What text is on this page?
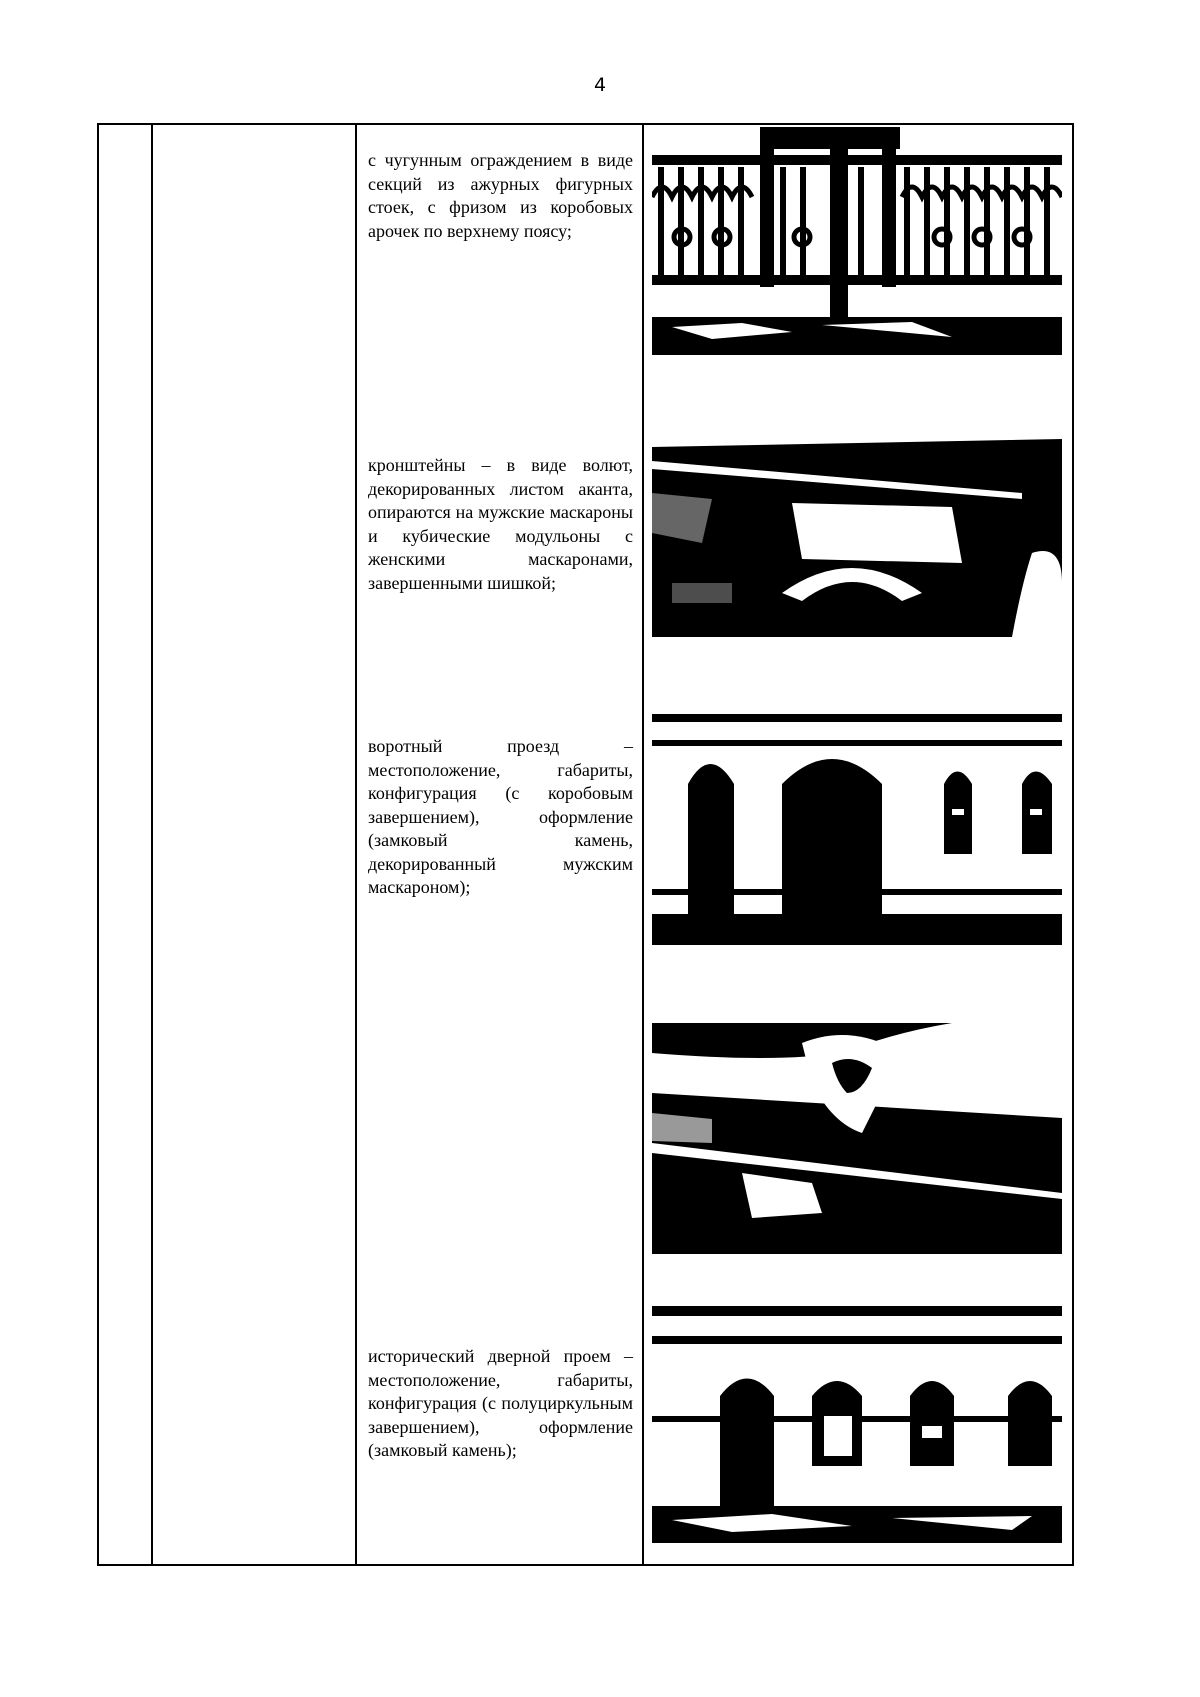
4
с чугунным ограждением в виде секций из ажурных фигурных стоек, с фризом из коробовых арочек по верхнему поясу;
кронштейны – в виде волют, декорированных листом аканта, опираются на мужские маскароны и кубические модульоны с женскими маскаронами, завершенными шишкой;
воротный проезд – местоположение, габариты, конфигурация (с коробовым завершением), оформление (замковый камень, декорированный мужским маскароном);
исторический дверной проем – местоположение, габариты, конфигурация (с полуциркульным завершением), оформление (замковый камень);
